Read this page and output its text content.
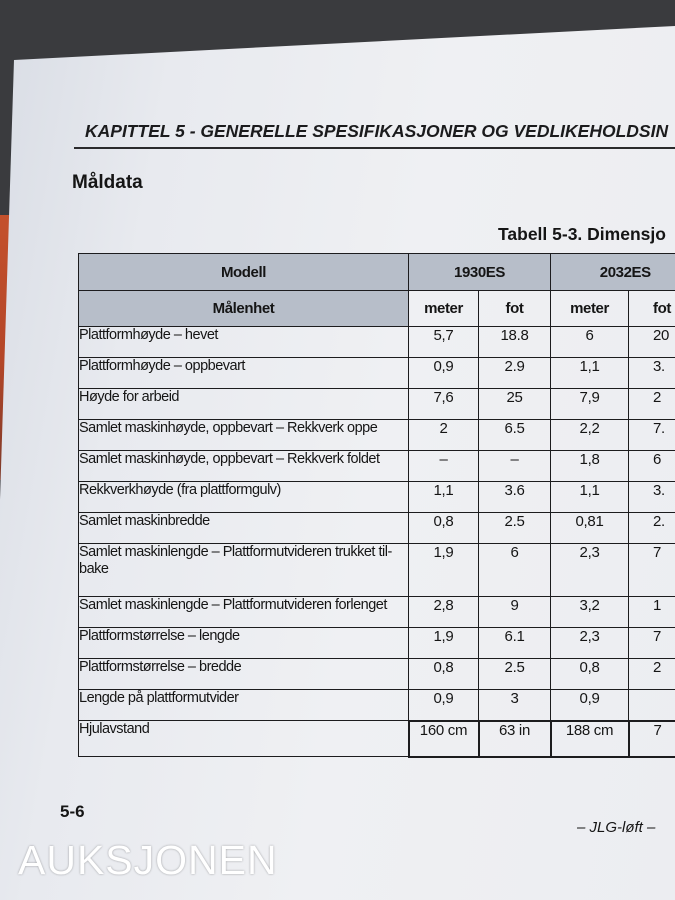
KAPITTEL 5 - GENERELLE SPESIFIKASJONER OG VEDLIKEHOLDSIN
Måldata
Tabell 5-3. Dimensjo
Modell	1930ES		2032ES	
Målenhet	meter	fot	meter	fot
Plattformhøyde – hevet	5,7	18.8	6	20
Plattformhøyde – oppbevart	0,9	2.9	1,1	3.
Høyde for arbeid	7,6	25	7,9	2
Samlet maskinhøyde, oppbevart – Rekkverk oppe	2	6.5	2,2	7.
Samlet maskinhøyde, oppbevart – Rekkverk foldet	–	–	1,8	6
Rekkverkhøyde (fra plattformgulv)	1,1	3.6	1,1	3.
Samlet maskinbredde	0,8	2.5	0,81	2.
Samlet maskinlengde – Plattformutvideren trukket til-
bake	1,9	6	2,3	7
Samlet maskinlengde – Plattformutvideren forlenget	2,8	9	3,2	1
Plattformstørrelse – lengde	1,9	6.1	2,3	7
Plattformstørrelse – bredde	0,8	2.5	0,8	2
Lengde på plattformutvider	0,9	3	0,9	
Hjulavstand	160 cm	63 in	188 cm	7
5-6
– JLG-løft –
AUKSJONEN
